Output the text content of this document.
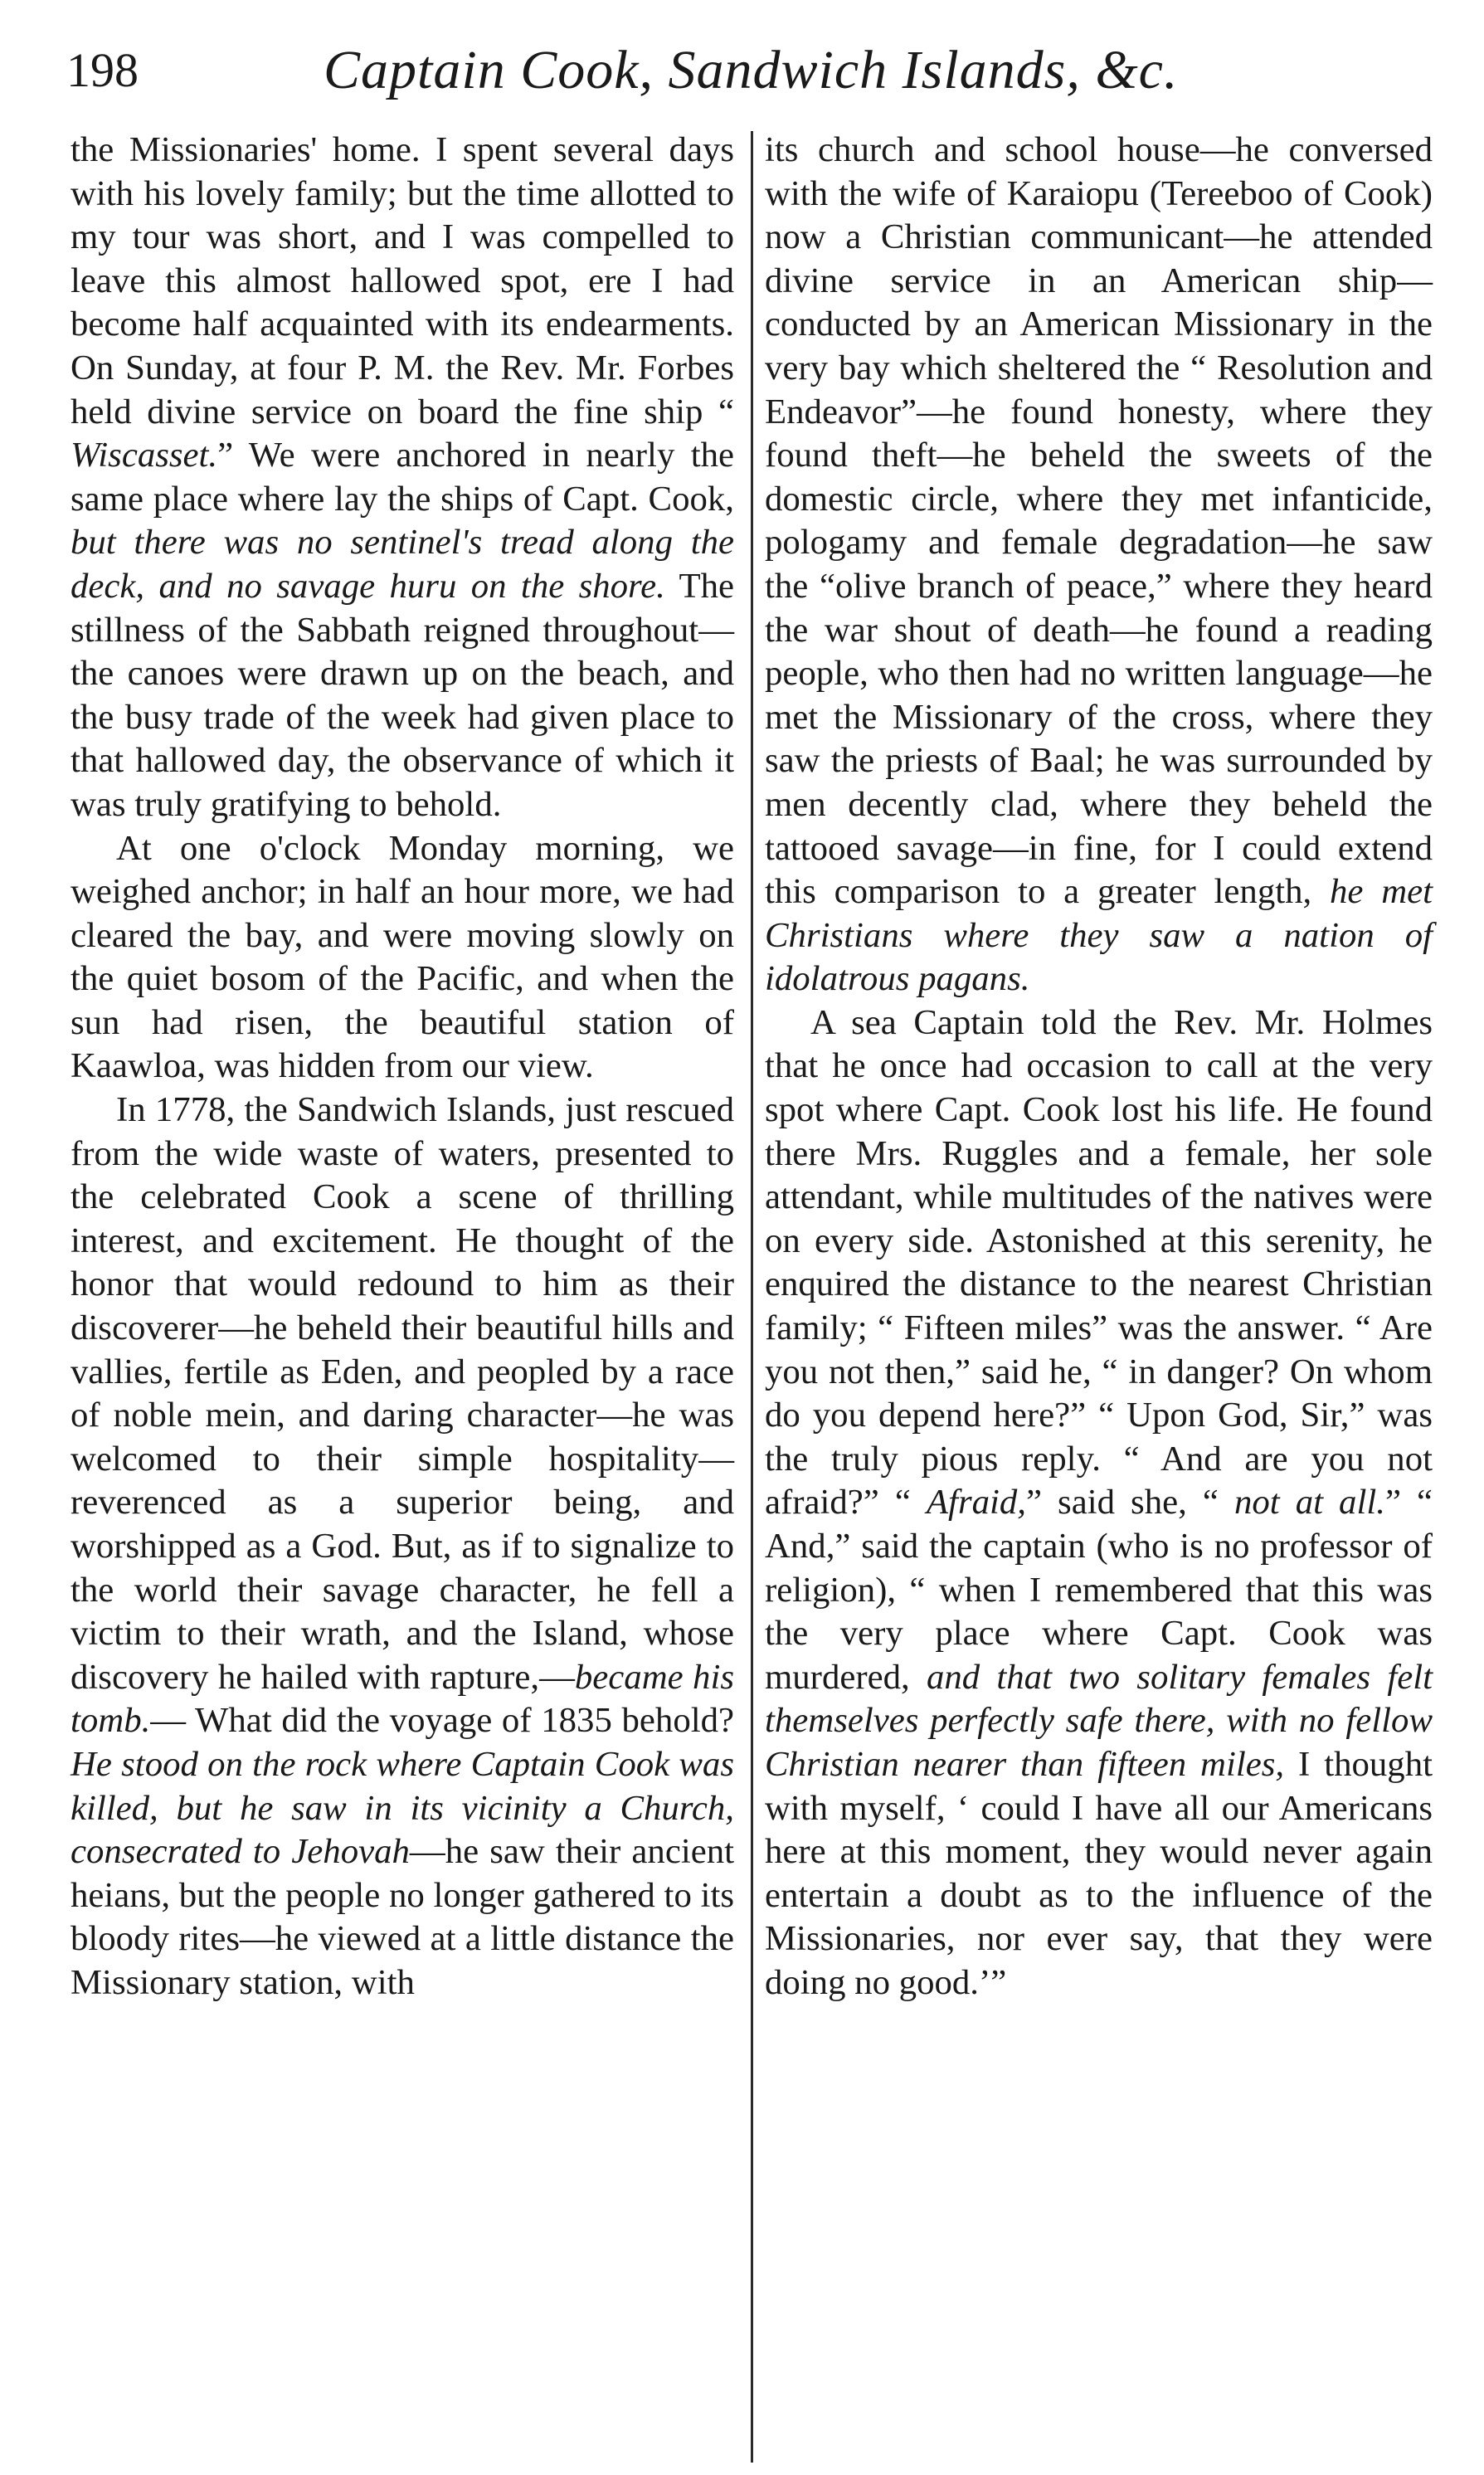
198	Captain Cook, Sandwich Islands, &c.

the Missionaries' home. I spent several days with his lovely family; but the time allotted to my tour was short, and I was compelled to leave this almost hallowed spot, ere I had become half acquainted with its endearments. On Sunday, at four P. M. the Rev. Mr. Forbes held divine service on board the fine ship “ Wiscasset.” We were anchored in nearly the same place where lay the ships of Capt. Cook, but there was no sentinel's tread along the deck, and no savage huru on the shore. The stillness of the Sabbath reigned throughout—the canoes were drawn up on the beach, and the busy trade of the week had given place to that hallowed day, the observance of which it was truly gratifying to behold.

At one o'clock Monday morning, we weighed anchor; in half an hour more, we had cleared the bay, and were moving slowly on the quiet bosom of the Pacific, and when the sun had risen, the beautiful station of Kaawloa, was hidden from our view.

In 1778, the Sandwich Islands, just rescued from the wide waste of waters, presented to the celebrated Cook a scene of thrilling interest, and excitement. He thought of the honor that would redound to him as their discoverer—he beheld their beautiful hills and vallies, fertile as Eden, and peopled by a race of noble mein, and daring character—he was welcomed to their simple hospitality—reverenced as a superior being, and worshipped as a God. But, as if to signalize to the world their savage character, he fell a victim to their wrath, and the Island, whose discovery he hailed with rapture,—became his tomb.— What did the voyage of 1835 behold? He stood on the rock where Captain Cook was killed, but he saw in its vicinity a Church, consecrated to Jehovah—he saw their ancient heians, but the people no longer gathered to its bloody rites—he viewed at a little distance the Missionary station, with

its church and school house—he conversed with the wife of Karaiopu (Tereeboo of Cook) now a Christian communicant—he attended divine service in an American ship—conducted by an American Missionary in the very bay which sheltered the “ Resolution and Endeavor”—he found honesty, where they found theft—he beheld the sweets of the domestic circle, where they met infanticide, pologamy and female degradation—he saw the “olive branch of peace,” where they heard the war shout of death—he found a reading people, who then had no written language—he met the Missionary of the cross, where they saw the priests of Baal; he was surrounded by men decently clad, where they beheld the tattooed savage—in fine, for I could extend this comparison to a greater length, he met Christians where they saw a nation of idolatrous pagans.

A sea Captain told the Rev. Mr. Holmes that he once had occasion to call at the very spot where Capt. Cook lost his life. He found there Mrs. Ruggles and a female, her sole attendant, while multitudes of the natives were on every side. Astonished at this serenity, he enquired the distance to the nearest Christian family; “ Fifteen miles” was the answer. “ Are you not then,” said he, “ in danger? On whom do you depend here?” “ Upon God, Sir,” was the truly pious reply. “ And are you not afraid?” “ Afraid,” said she, “ not at all.” “ And,” said the captain (who is no professor of religion), “ when I remembered that this was the very place where Capt. Cook was murdered, and that two solitary females felt themselves perfectly safe there, with no fellow Christian nearer than fifteen miles, I thought with myself, ‘ could I have all our Americans here at this moment, they would never again entertain a doubt as to the influence of the Missionaries, nor ever say, that they were doing no good.’”
